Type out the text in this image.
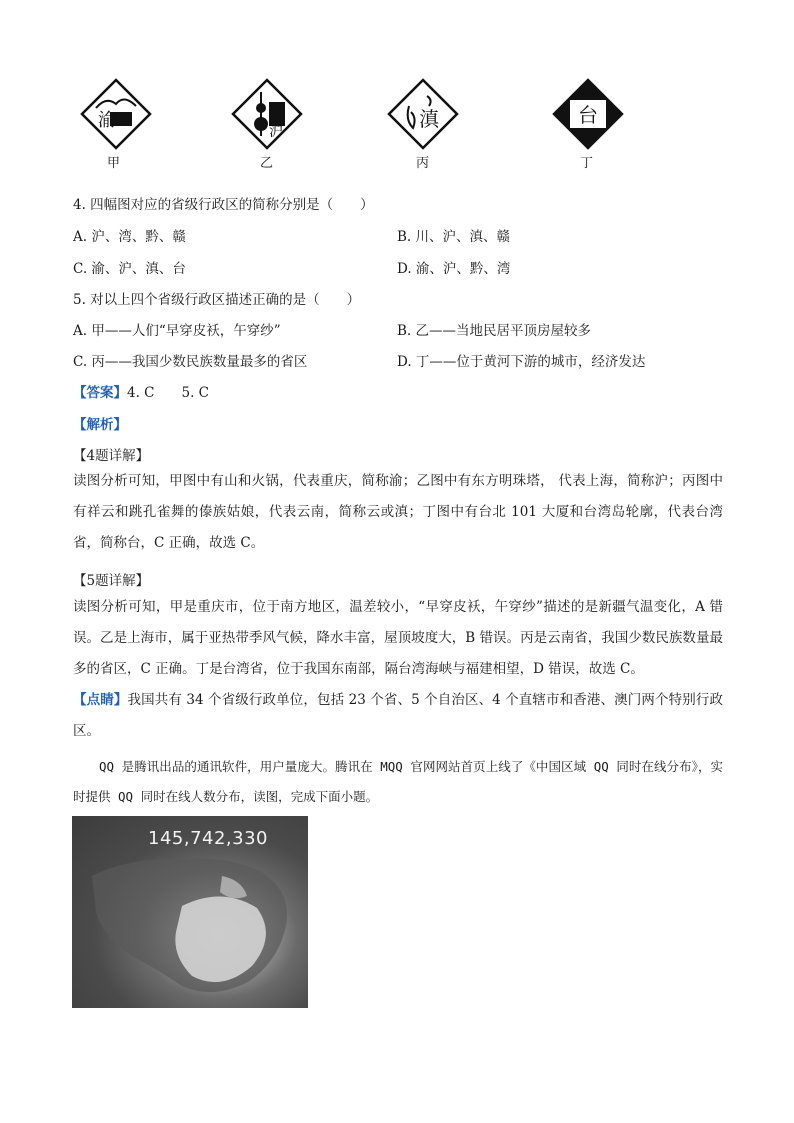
渝
甲
沪
乙
滇
丙
台
丁
4. 四幅图对应的省级行政区的简称分别是（　　）
A. 沪、湾、黔、赣	B. 川、沪、滇、赣
C. 渝、沪、滇、台	D. 渝、沪、黔、湾
5. 对以上四个省级行政区描述正确的是（　　）
A. 甲——人们“早穿皮袄，午穿纱”	B. 乙——当地民居平顶房屋较多
C. 丙——我国少数民族数量最多的省区	D. 丁——位于黄河下游的城市，经济发达
【答案】4. C　　5. C
【解析】
【4题详解】
读图分析可知，甲图中有山和火锅，代表重庆，简称渝；乙图中有东方明珠塔， 代表上海，简称沪；丙图中有祥云和跳孔雀舞的傣族姑娘，代表云南，简称云或滇；丁图中有台北 101 大厦和台湾岛轮廓，代表台湾省，简称台，C 正确，故选 C。
【5题详解】
读图分析可知，甲是重庆市，位于南方地区，温差较小，“早穿皮袄，午穿纱”描述的是新疆气温变化，A 错误。乙是上海市，属于亚热带季风气候，降水丰富，屋顶坡度大，B 错误。丙是云南省，我国少数民族数量最多的省区，C 正确。丁是台湾省，位于我国东南部，隔台湾海峡与福建相望，D 错误，故选 C。
【点睛】我国共有 34 个省级行政单位，包括 23 个省、5 个自治区、4 个直辖市和香港、澳门两个特别行政区。
QQ 是腾讯出品的通讯软件，用户量庞大。腾讯在 MQQ 官网网站首页上线了《中国区域 QQ 同时在线分布》，实时提供 QQ 同时在线人数分布，读图，完成下面小题。
145,742,330
